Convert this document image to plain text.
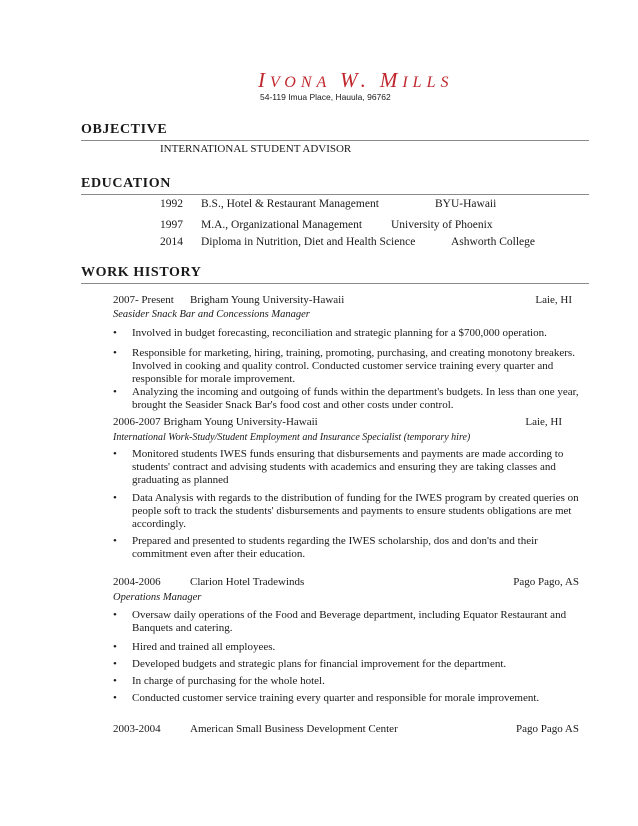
IVONA W. MILLS
54-119 Imua Place, Hauula, 96762
OBJECTIVE
INTERNATIONAL STUDENT ADVISOR
EDUCATION
1992 B.S., Hotel & Restaurant Management	BYU-Hawaii
1997 M.A., Organizational Management	University of Phoenix
2014 Diploma in Nutrition, Diet and Health Science	Ashworth College
WORK HISTORY
2007- Present Brigham Young University-Hawaii	Laie, HI
Seasider Snack Bar and Concessions Manager
• Involved in budget forecasting, reconciliation and strategic planning for a $700,000 operation.
• Responsible for marketing, hiring, training, promoting, purchasing, and creating monotony breakers. Involved in cooking and quality control. Conducted customer service training every quarter and responsible for morale improvement.
• Analyzing the incoming and outgoing of funds within the department's budgets. In less than one year, brought the Seasider Snack Bar's food cost and other costs under control.
2006-2007 Brigham Young University-Hawaii	Laie, HI
International Work-Study/Student Employment and Insurance Specialist (temporary hire)
• Monitored students IWES funds ensuring that disbursements and payments are made according to students' contract and advising students with academics and ensuring they are taking classes and graduating as planned
• Data Analysis with regards to the distribution of funding for the IWES program by created queries on people soft to track the students' disbursements and payments to ensure students obligations are met accordingly.
• Prepared and presented to students regarding the IWES scholarship, dos and don'ts and their commitment even after their education.
2004-2006	Clarion Hotel Tradewinds	Pago Pago, AS
Operations Manager
• Oversaw daily operations of the Food and Beverage department, including Equator Restaurant and Banquets and catering.
• Hired and trained all employees.
• Developed budgets and strategic plans for financial improvement for the department.
• In charge of purchasing for the whole hotel.
• Conducted customer service training every quarter and responsible for morale improvement.
2003-2004	American Small Business Development Center	Pago Pago AS
